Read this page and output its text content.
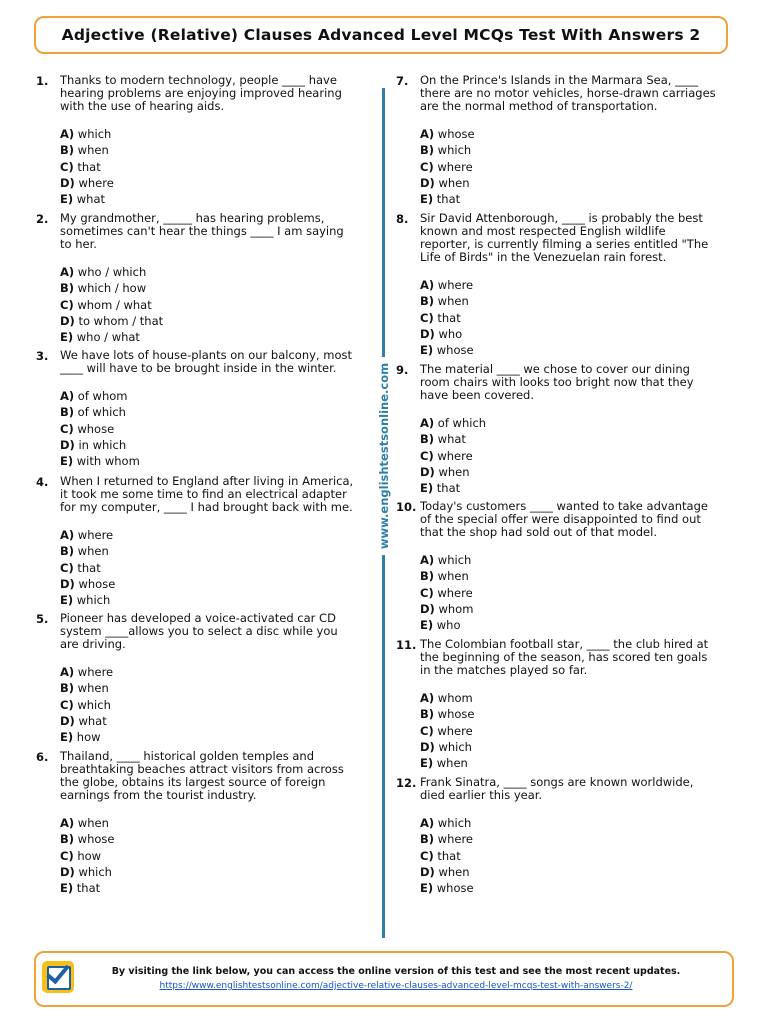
Adjective (Relative) Clauses Advanced Level MCQs Test With Answers 2
www.englishtestsonline.com
1. Thanks to modern technology, people ____ have hearing problems are enjoying improved hearing with the use of hearing aids.
A) which
B) when
C) that
D) where
E) what
2. My grandmother, _____ has hearing problems, sometimes can't hear the things ____ I am saying to her.
A) who / which
B) which / how
C) whom / what
D) to whom / that
E) who / what
3. We have lots of house-plants on our balcony, most ____ will have to be brought inside in the winter.
A) of whom
B) of which
C) whose
D) in which
E) with whom
4. When I returned to England after living in America, it took me some time to find an electrical adapter for my computer, ____ I had brought back with me.
A) where
B) when
C) that
D) whose
E) which
5. Pioneer has developed a voice-activated car CD system ____allows you to select a disc while you are driving.
A) where
B) when
C) which
D) what
E) how
6. Thailand, ____ historical golden temples and breathtaking beaches attract visitors from across the globe, obtains its largest source of foreign earnings from the tourist industry.
A) when
B) whose
C) how
D) which
E) that
7. On the Prince's Islands in the Marmara Sea, ____ there are no motor vehicles, horse-drawn carriages are the normal method of transportation.
A) whose
B) which
C) where
D) when
E) that
8. Sir David Attenborough, ____ is probably the best known and most respected English wildlife reporter, is currently filming a series entitled "The Life of Birds" in the Venezuelan rain forest.
A) where
B) when
C) that
D) who
E) whose
9. The material ____ we chose to cover our dining room chairs with looks too bright now that they have been covered.
A) of which
B) what
C) where
D) when
E) that
10. Today's customers ____ wanted to take advantage of the special offer were disappointed to find out that the shop had sold out of that model.
A) which
B) when
C) where
D) whom
E) who
11. The Colombian football star, ____ the club hired at the beginning of the season, has scored ten goals in the matches played so far.
A) whom
B) whose
C) where
D) which
E) when
12. Frank Sinatra, ____ songs are known worldwide, died earlier this year.
A) which
B) where
C) that
D) when
E) whose
By visiting the link below, you can access the online version of this test and see the most recent updates.
https://www.englishtestsonline.com/adjective-relative-clauses-advanced-level-mcqs-test-with-answers-2/
